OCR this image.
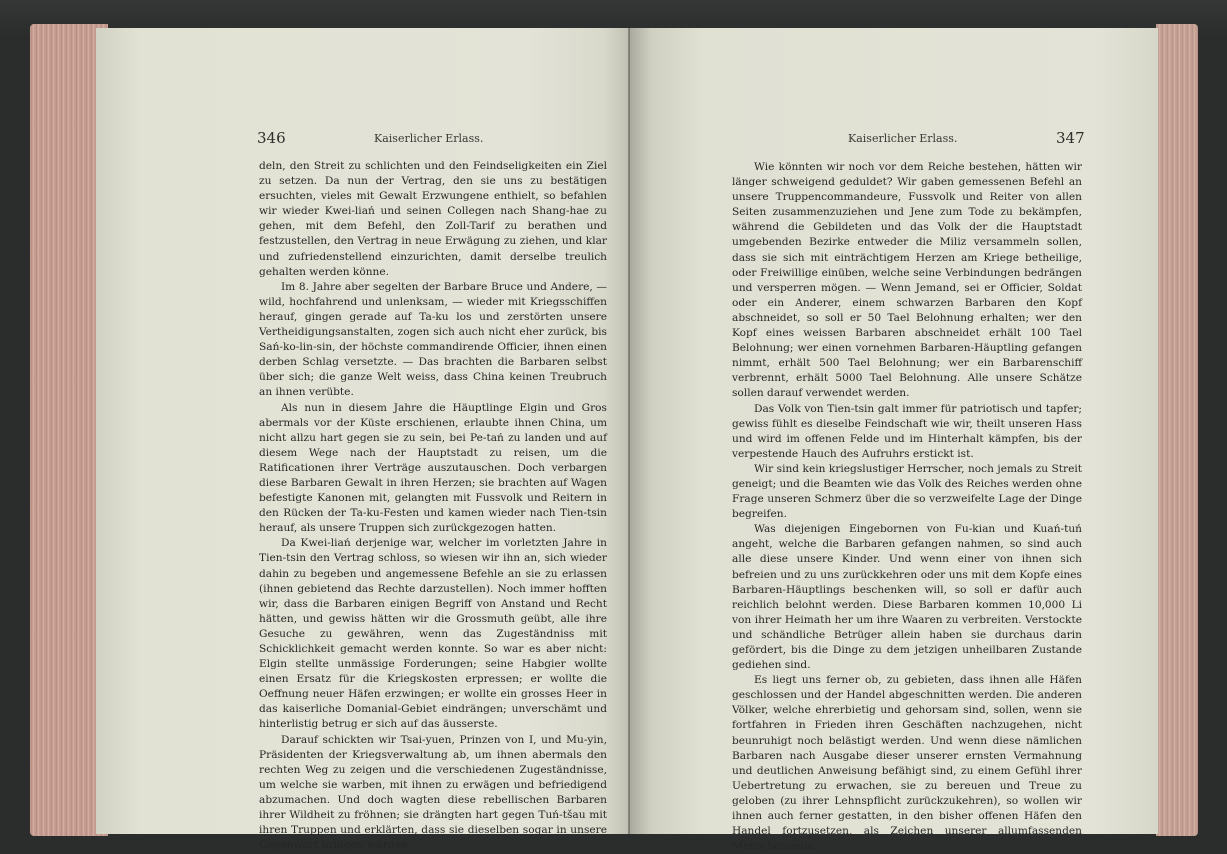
346	Kaiserlicher Erlass.

deln, den Streit zu schlichten und den Feindseligkeiten ein Ziel zu setzen. Da nun der Vertrag, den sie uns zu bestätigen ersuchten, vieles mit Gewalt Erzwungene enthielt, so befahlen wir wieder Kwei-liań und seinen Collegen nach Shang-hae zu gehen, mit dem Befehl, den Zoll-Tarif zu berathen und festzustellen, den Vertrag in neue Erwägung zu ziehen, und klar und zufriedenstellend einzurichten, damit derselbe treulich gehalten werden könne.

Im 8. Jahre aber segelten der Barbare Bruce und Andere, — wild, hochfahrend und unlenksam, — wieder mit Kriegsschiffen herauf, gingen gerade auf Ta-ku los und zerstörten unsere Vertheidigungsanstalten, zogen sich auch nicht eher zurück, bis Sań-ko-lin-sin, der höchste commandirende Officier, ihnen einen derben Schlag versetzte. — Das brachten die Barbaren selbst über sich; die ganze Welt weiss, dass China keinen Treubruch an ihnen verübte.

Als nun in diesem Jahre die Häuptlinge Elgin und Gros abermals vor der Küste erschienen, erlaubte ihnen China, um nicht allzu hart gegen sie zu sein, bei Pe-tań zu landen und auf diesem Wege nach der Hauptstadt zu reisen, um die Ratificationen ihrer Verträge auszutauschen. Doch verbargen diese Barbaren Gewalt in ihren Herzen; sie brachten auf Wagen befestigte Kanonen mit, gelangten mit Fussvolk und Reitern in den Rücken der Ta-ku-Festen und kamen wieder nach Tien-tsin herauf, als unsere Truppen sich zurückgezogen hatten.

Da Kwei-liań derjenige war, welcher im vorletzten Jahre in Tien-tsin den Vertrag schloss, so wiesen wir ihn an, sich wieder dahin zu begeben und angemessene Befehle an sie zu erlassen (ihnen gebietend das Rechte darzustellen). Noch immer hofften wir, dass die Barbaren einigen Begriff von Anstand und Recht hätten, und gewiss hätten wir die Grossmuth geübt, alle ihre Gesuche zu gewähren, wenn das Zugeständniss mit Schicklichkeit gemacht werden konnte. So war es aber nicht: Elgin stellte unmässige Forderungen; seine Habgier wollte einen Ersatz für die Kriegskosten erpressen; er wollte die Oeffnung neuer Häfen erzwingen; er wollte ein grosses Heer in das kaiserliche Domanial-Gebiet eindrängen; unverschämt und hinterlistig betrug er sich auf das äusserste.

Darauf schickten wir Tsai-yuen, Prinzen von I, und Mu-yin, Präsidenten der Kriegsverwaltung ab, um ihnen abermals den rechten Weg zu zeigen und die verschiedenen Zugeständnisse, um welche sie warben, mit ihnen zu erwägen und befriedigend abzumachen. Und doch wagten diese rebellischen Barbaren ihrer Wildheit zu fröhnen; sie drängten hart gegen Tuń-tšau mit ihren Truppen und erklärten, dass sie dieselben sogar in unsere Gegenwart bringen würden.

Kaiserlicher Erlass.	347

Wie könnten wir noch vor dem Reiche bestehen, hätten wir länger schweigend geduldet? Wir gaben gemessenen Befehl an unsere Truppencommandeure, Fussvolk und Reiter von allen Seiten zusammenzuziehen und Jene zum Tode zu bekämpfen, während die Gebildeten und das Volk der die Hauptstadt umgebenden Bezirke entweder die Miliz versammeln sollen, dass sie sich mit einträchtigem Herzen am Kriege betheilige, oder Freiwillige einüben, welche seine Verbindungen bedrängen und versperren mögen. — Wenn Jemand, sei er Officier, Soldat oder ein Anderer, einem schwarzen Barbaren den Kopf abschneidet, so soll er 50 Tael Belohnung erhalten; wer den Kopf eines weissen Barbaren abschneidet erhält 100 Tael Belohnung; wer einen vornehmen Barbaren-Häuptling gefangen nimmt, erhält 500 Tael Belohnung; wer ein Barbarenschiff verbrennt, erhält 5000 Tael Belohnung. Alle unsere Schätze sollen darauf verwendet werden.

Das Volk von Tien-tsin galt immer für patriotisch und tapfer; gewiss fühlt es dieselbe Feindschaft wie wir, theilt unseren Hass und wird im offenen Felde und im Hinterhalt kämpfen, bis der verpestende Hauch des Aufruhrs erstickt ist.

Wir sind kein kriegslustiger Herrscher, noch jemals zu Streit geneigt; und die Beamten wie das Volk des Reiches werden ohne Frage unseren Schmerz über die so verzweifelte Lage der Dinge begreifen.

Was diejenigen Eingebornen von Fu-kian und Kuań-tuń angeht, welche die Barbaren gefangen nahmen, so sind auch alle diese unsere Kinder. Und wenn einer von ihnen sich befreien und zu uns zurückkehren oder uns mit dem Kopfe eines Barbaren-Häuptlings beschenken will, so soll er dafür auch reichlich belohnt werden. Diese Barbaren kommen 10,000 Li von ihrer Heimath her um ihre Waaren zu verbreiten. Verstockte und schändliche Betrüger allein haben sie durchaus darin gefördert, bis die Dinge zu dem jetzigen unheilbaren Zustande gediehen sind.

Es liegt uns ferner ob, zu gebieten, dass ihnen alle Häfen geschlossen und der Handel abgeschnitten werden. Die anderen Völker, welche ehrerbietig und gehorsam sind, sollen, wenn sie fortfahren in Frieden ihren Geschäften nachzugehen, nicht beunruhigt noch belästigt werden. Und wenn diese nämlichen Barbaren nach Ausgabe dieser unserer ernsten Vermahnung und deutlichen Anweisung befähigt sind, zu einem Gefühl ihrer Uebertretung zu erwachen, sie zu bereuen und Treue zu geloben (zu ihrer Lehnspflicht zurückzukehren), so wollen wir ihnen auch ferner gestatten, in den bisher offenen Häfen den Handel fortzusetzen, als Zeichen unserer allumfassenden Menschenliebe.
